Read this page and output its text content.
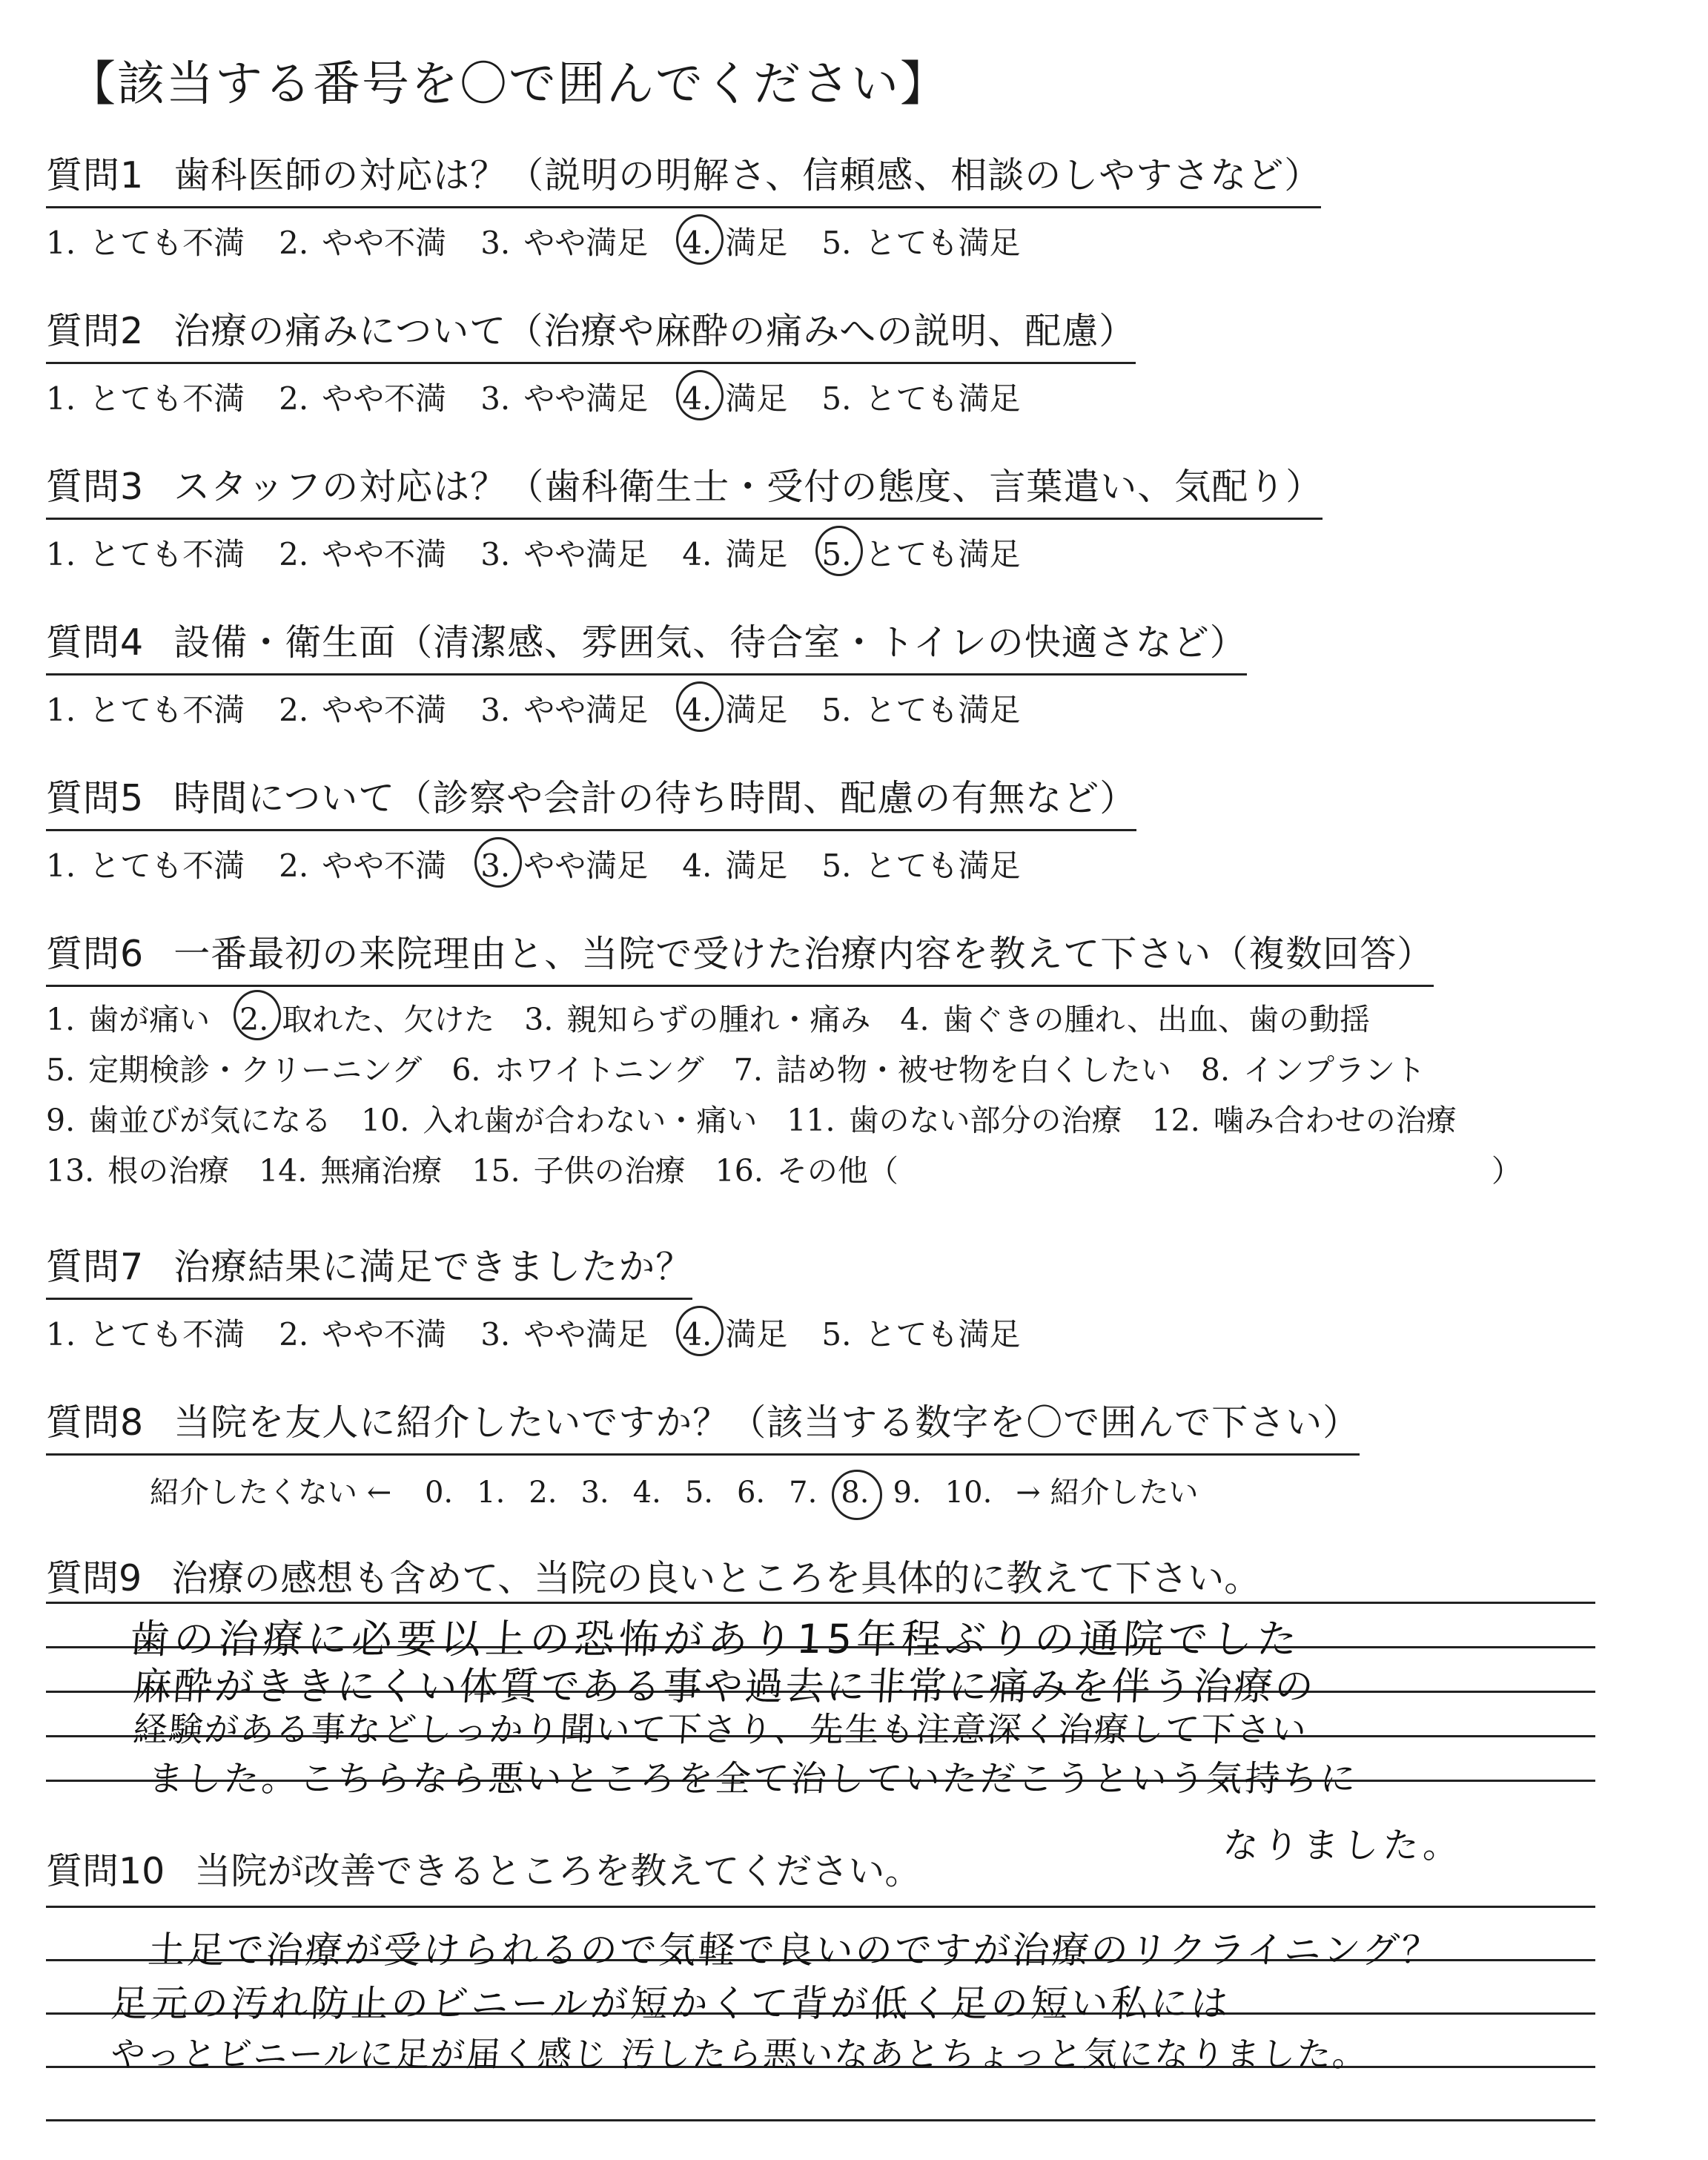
【該当する番号を〇で囲んでください】
質問1 歯科医師の対応は？（説明の明解さ、信頼感、相談のしやすさなど）
1. とても不満 2. やや不満 3. やや満足 4. 満足 5. とても満足
質問2 治療の痛みについて（治療や麻酔の痛みへの説明、配慮）
1. とても不満 2. やや不満 3. やや満足 4. 満足 5. とても満足
質問3 スタッフの対応は？（歯科衛生士・受付の態度、言葉遣い、気配り）
1. とても不満 2. やや不満 3. やや満足 4. 満足 5. とても満足
質問4 設備・衛生面（清潔感、雰囲気、待合室・トイレの快適さなど）
1. とても不満 2. やや不満 3. やや満足 4. 満足 5. とても満足
質問5 時間について（診察や会計の待ち時間、配慮の有無など）
1. とても不満 2. やや不満 3. やや満足 4. 満足 5. とても満足
質問6 一番最初の来院理由と、当院で受けた治療内容を教えて下さい（複数回答）
1. 歯が痛い 2. 取れた、欠けた 3. 親知らずの腫れ・痛み 4. 歯ぐきの腫れ、出血、歯の動揺
5. 定期検診・クリーニング 6. ホワイトニング 7. 詰め物・被せ物を白くしたい 8. インプラント
9. 歯並びが気になる 10. 入れ歯が合わない・痛い 11. 歯のない部分の治療 12. 噛み合わせの治療
13. 根の治療 14. 無痛治療 15. 子供の治療 16. その他（	）
質問7 治療結果に満足できましたか？
1. とても不満 2. やや不満 3. やや満足 4. 満足 5. とても満足
質問8 当院を友人に紹介したいですか？（該当する数字を〇で囲んで下さい）
紹介したくない ← 0. 1. 2. 3. 4. 5. 6. 7. 8. 9. 10. → 紹介したい
質問9 治療の感想も含めて、当院の良いところを具体的に教えて下さい。
歯の治療に必要以上の恐怖があり15年程ぶりの通院でした
麻酔がききにくい体質である事や過去に非常に痛みを伴う治療の
経験がある事などしっかり聞いて下さり、先生も注意深く治療して下さい
ました。こちらなら悪いところを全て治していただこうという気持ちに
なりました。
質問10 当院が改善できるところを教えてください。
土足で治療が受けられるので気軽で良いのですが治療のリクライニング？
足元の汚れ防止のビニールが短かくて背が低く足の短い私には
やっとビニールに足が届く感じ 汚したら悪いなあとちょっと気になりました。
